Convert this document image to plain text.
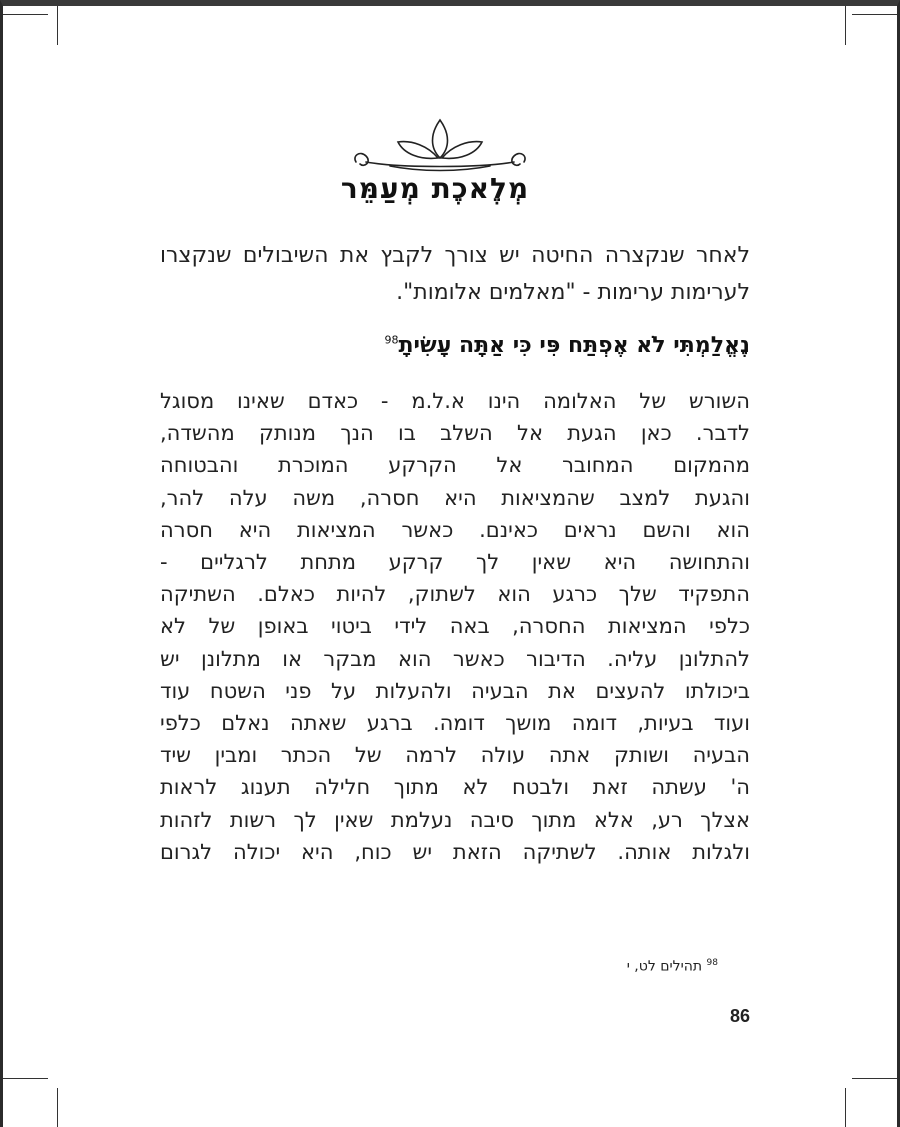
מְלֶאכֶת מְעַמֵּר
לאחר שנקצרה החיטה יש צורך לקבץ את השיבולים שנקצרו לערימות ערימות - "מאלמים אלומות".
נֶאֱלַמְתִּי לֹא אֶפְתַּח פִּי כִּי אַתָּה עָשִׂיתָ$^{98}$
השורש של האלומה הינו א.ל.מ - כאדם שאינו מסוגל
לדבר. כאן הגעת אל השלב בו הנך מנותק מהשדה,
מהמקום המחובר אל הקרקע המוכרת והבטוחה
והגעת למצב שהמציאות היא חסרה, משה עלה להר,
הוא והשם נראים כאינם. כאשר המציאות היא חסרה
והתחושה היא שאין לך קרקע מתחת לרגליים -
התפקיד שלך כרגע הוא לשתוק, להיות כאלם. השתיקה
כלפי המציאות החסרה, באה לידי ביטוי באופן של לא
להתלונן עליה. הדיבור כאשר הוא מבקר או מתלונן יש
ביכולתו להעצים את הבעיה ולהעלות על פני השטח עוד
ועוד בעיות, דומה מושך דומה. ברגע שאתה נאלם כלפי
הבעיה ושותק אתה עולה לרמה של הכתר ומבין שיד
ה' עשתה זאת ולבטח לא מתוך חלילה תענוג לראות
אצלך רע, אלא מתוך סיבה נעלמת שאין לך רשות לזהות
ולגלות אותה. לשתיקה הזאת יש כוח, היא יכולה לגרום
$^{98}$ תהילים לט, י
86
